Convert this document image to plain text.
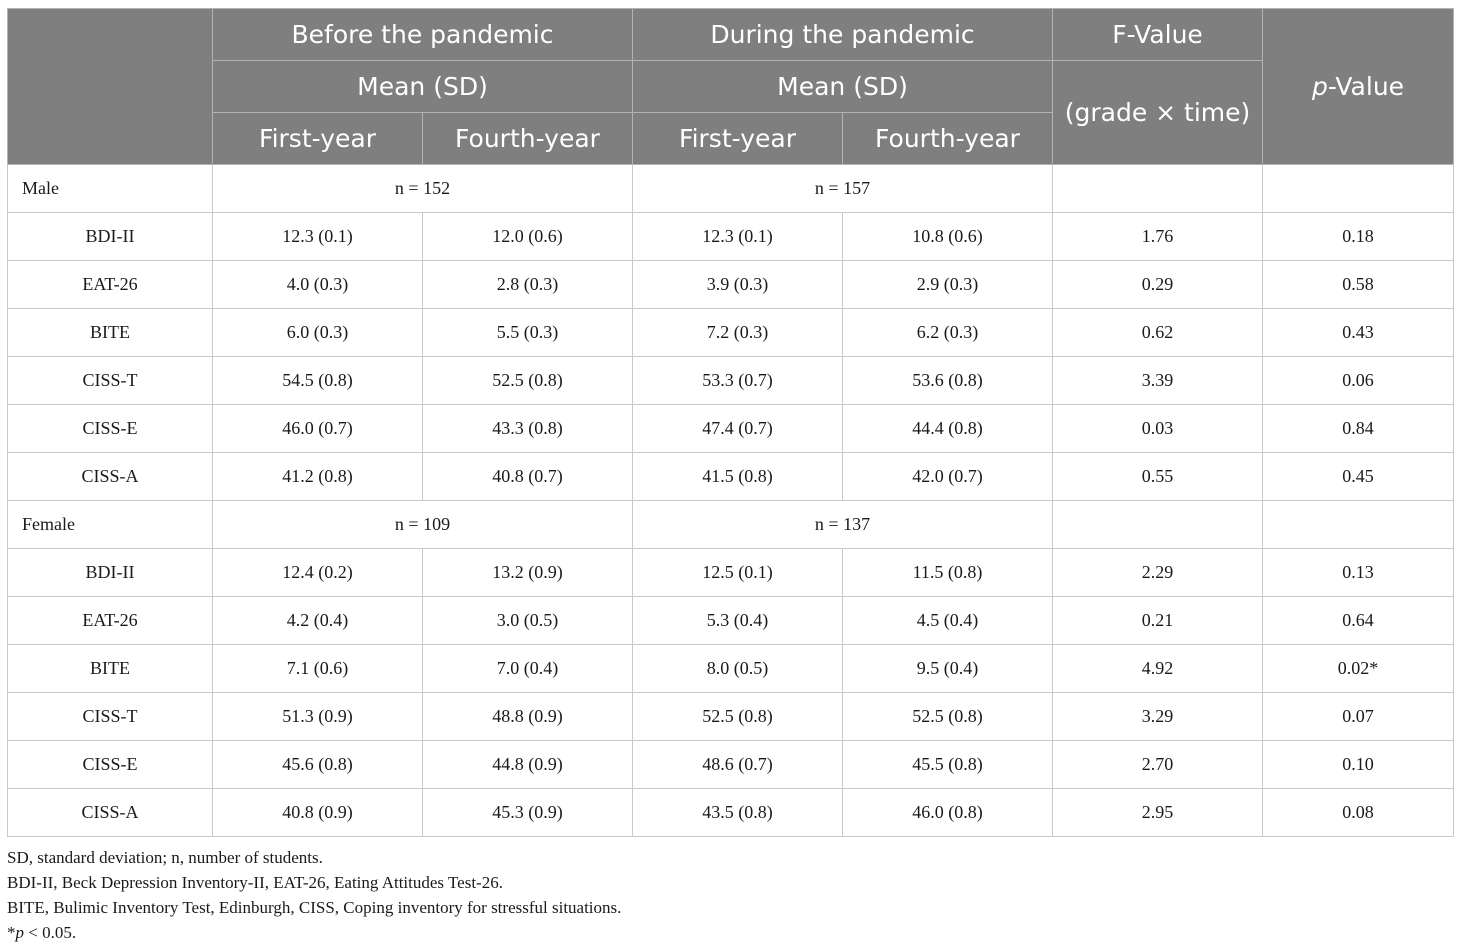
	Before the pandemic		During the pandemic		F-Value	p-Value
	Mean (SD)		Mean (SD)		(grade × time)	
	First-year	Fourth-year	First-year	Fourth-year		
Male	n = 152		n = 157			
BDI-II	12.3 (0.1)	12.0 (0.6)	12.3 (0.1)	10.8 (0.6)	1.76	0.18
EAT-26	4.0 (0.3)	2.8 (0.3)	3.9 (0.3)	2.9 (0.3)	0.29	0.58
BITE	6.0 (0.3)	5.5 (0.3)	7.2 (0.3)	6.2 (0.3)	0.62	0.43
CISS-T	54.5 (0.8)	52.5 (0.8)	53.3 (0.7)	53.6 (0.8)	3.39	0.06
CISS-E	46.0 (0.7)	43.3 (0.8)	47.4 (0.7)	44.4 (0.8)	0.03	0.84
CISS-A	41.2 (0.8)	40.8 (0.7)	41.5 (0.8)	42.0 (0.7)	0.55	0.45
Female	n = 109		n = 137			
BDI-II	12.4 (0.2)	13.2 (0.9)	12.5 (0.1)	11.5 (0.8)	2.29	0.13
EAT-26	4.2 (0.4)	3.0 (0.5)	5.3 (0.4)	4.5 (0.4)	0.21	0.64
BITE	7.1 (0.6)	7.0 (0.4)	8.0 (0.5)	9.5 (0.4)	4.92	0.02*
CISS-T	51.3 (0.9)	48.8 (0.9)	52.5 (0.8)	52.5 (0.8)	3.29	0.07
CISS-E	45.6 (0.8)	44.8 (0.9)	48.6 (0.7)	45.5 (0.8)	2.70	0.10
CISS-A	40.8 (0.9)	45.3 (0.9)	43.5 (0.8)	46.0 (0.8)	2.95	0.08
SD, standard deviation; n, number of students.
BDI-II, Beck Depression Inventory-II, EAT-26, Eating Attitudes Test-26.
BITE, Bulimic Inventory Test, Edinburgh, CISS, Coping inventory for stressful situations.
*p < 0.05.
